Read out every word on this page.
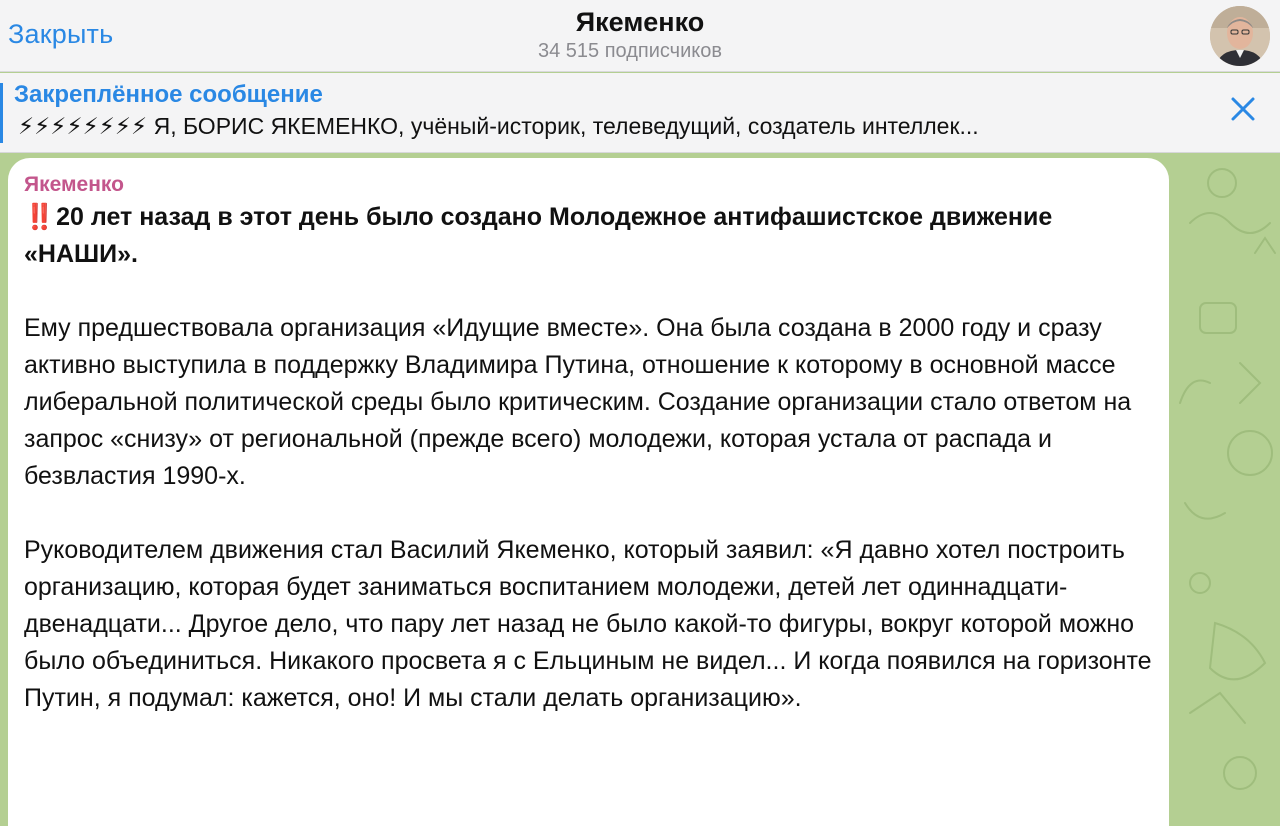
Закрыть	Якеменко
34 515 подписчиков
Закреплённое сообщение
⚡⚡⚡⚡⚡⚡⚡⚡ Я, БОРИС ЯКЕМЕНКО, учёный-историк, телеведущий, создатель интеллек...
Якеменко

‼️ 20 лет назад в этот день было создано Молодежное антифашистское движение «НАШИ».

Ему предшествовала организация «Идущие вместе». Она была создана в 2000 году и сразу активно выступила в поддержку Владимира Путина, отношение к которому в основной массе либеральной политической среды было критическим. Создание организации стало ответом на запрос «снизу» от региональной (прежде всего) молодежи, которая устала от распада и безвластия 1990-х.

Руководителем движения стал Василий Якеменко, который заявил: «Я давно хотел построить организацию, которая будет заниматься воспитанием молодежи, детей лет одиннадцати-двенадцати... Другое дело, что пару лет назад не было какой-то фигуры, вокруг которой можно было объединиться. Никакого просвета я с Ельциным не видел... И когда появился на горизонте Путин, я подумал: кажется, оно! И мы стали делать организацию».
